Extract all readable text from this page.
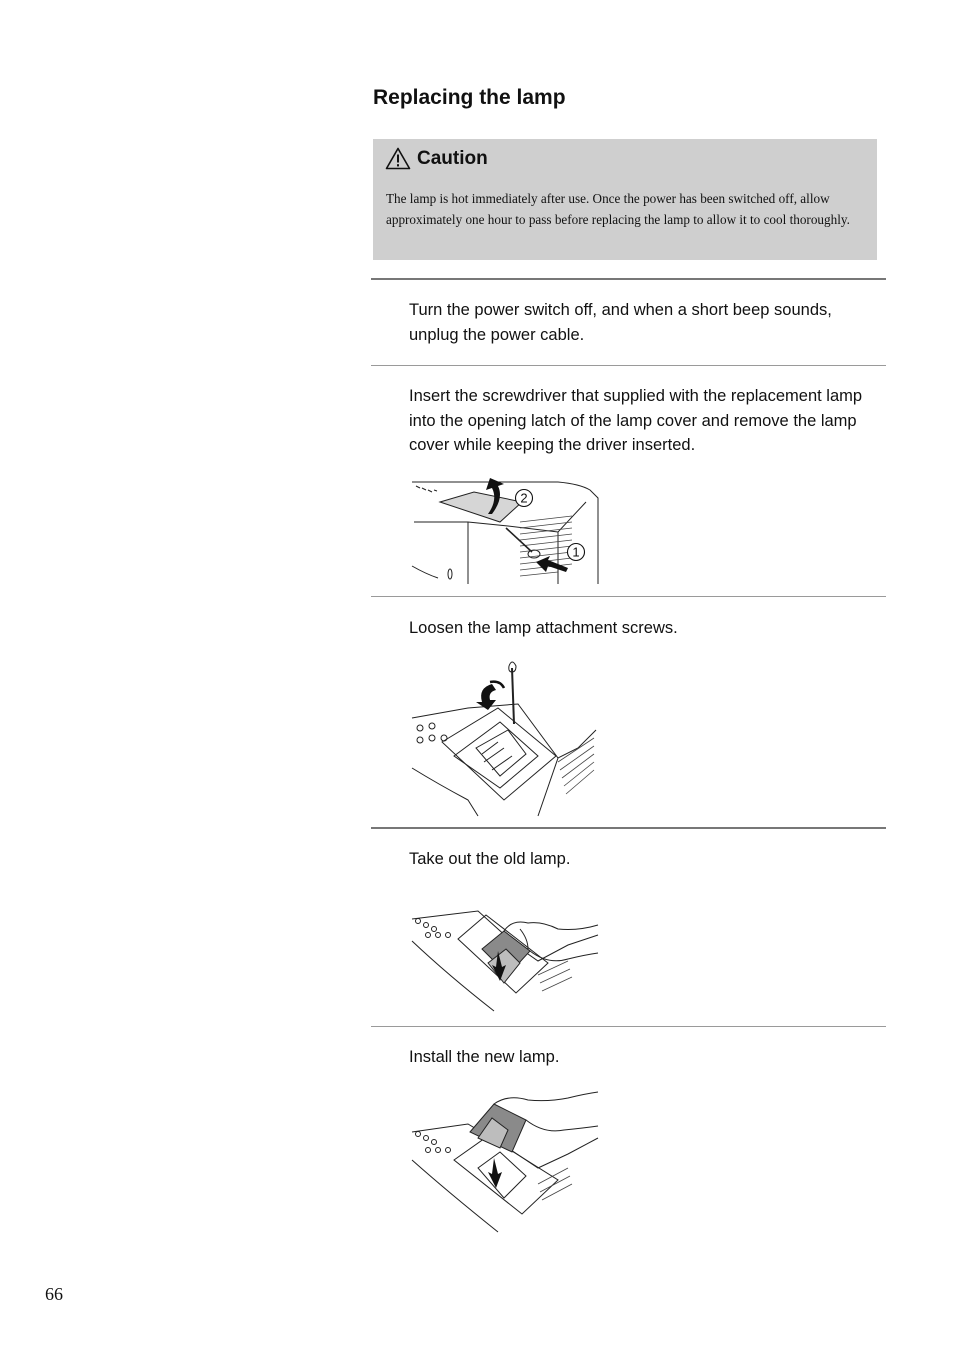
Replacing the lamp
Caution
The lamp is hot immediately after use. Once the power has been switched off, allow approximately one hour to pass before replacing the lamp to allow it to cool thoroughly.
Turn the power switch off, and when a short beep sounds, unplug the power cable.
Insert the screwdriver that supplied with the replacement lamp into the opening latch of the lamp cover and remove the lamp cover while keeping the driver inserted.
2
1
Loosen the lamp attachment screws.
Take out the old lamp.
Install the new lamp.
66
